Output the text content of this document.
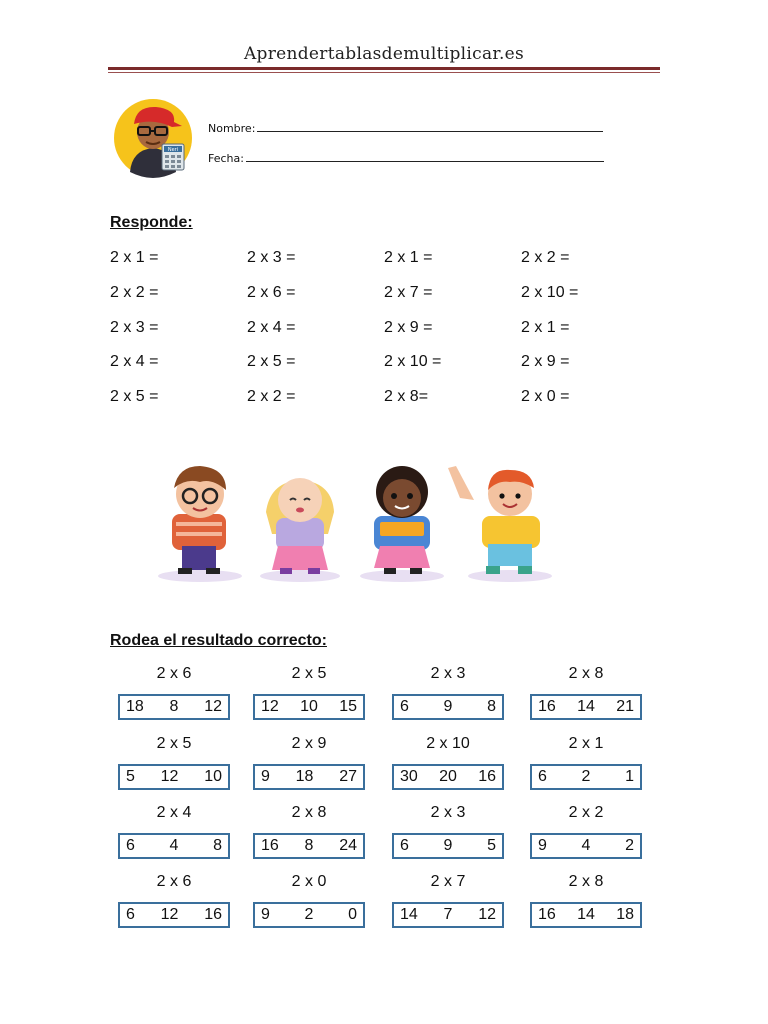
Aprendertablasdemultiplicar.es
Neri
Nombre:
Fecha:
Responde:
2 x 1 =
2 x 2 =
2 x 3 =
2 x 4 =
2 x 5 =
2 x 3 =
2 x 6 =
2 x 4 =
2 x 5 =
2 x 2 =
2 x 1 =
2 x 7 =
2 x 9 =
2 x 10 =
2 x 8=
2 x 2 =
2 x 10 =
2 x 1 =
2 x 9 =
2 x 0 =
Rodea el resultado correcto:
2 x 6
18 8 12
2 x 5
12 10 15
2 x 3
6 9 8
2 x 8
16 14 21
2 x 5
5 12 10
2 x 9
9 18 27
2 x 10
30 20 16
2 x 1
6 2 1
2 x 4
6 4 8
2 x 8
16 8 24
2 x 3
6 9 5
2 x 2
9 4 2
2 x 6
6 12 16
2 x 0
9 2 0
2 x 7
14 7 12
2 x 8
16 14 18
